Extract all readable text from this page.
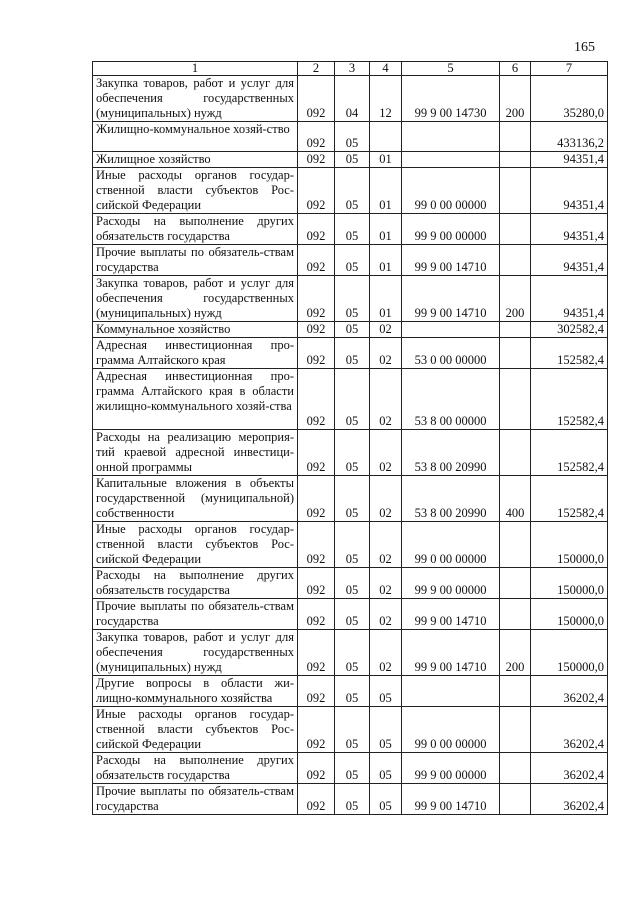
165
1	2	3	4	5	6	7
Закупка товаров, работ и услуг для обеспечения государственных (муниципальных) нужд	092	04	12	99 9 00 14730	200	35280,0
Жилищно-коммунальное хозяй-ство	092	05				433136,2
Жилищное хозяйство	092	05	01			94351,4
Иные расходы органов государ-ственной власти субъектов Рос-сийской Федерации	092	05	01	99 0 00 00000		94351,4
Расходы на выполнение других обязательств государства	092	05	01	99 9 00 00000		94351,4
Прочие выплаты по обязатель-ствам государства	092	05	01	99 9 00 14710		94351,4
Закупка товаров, работ и услуг для обеспечения государственных (муниципальных) нужд	092	05	01	99 9 00 14710	200	94351,4
Коммунальное хозяйство	092	05	02			302582,4
Адресная инвестиционная про-грамма Алтайского края	092	05	02	53 0 00 00000		152582,4
Адресная инвестиционная про-грамма Алтайского края в области жилищно-коммунального хозяй-ства	092	05	02	53 8 00 00000		152582,4
Расходы на реализацию мероприя-тий краевой адресной инвестици-онной программы	092	05	02	53 8 00 20990		152582,4
Капитальные вложения в объекты государственной (муниципальной) собственности	092	05	02	53 8 00 20990	400	152582,4
Иные расходы органов государ-ственной власти субъектов Рос-сийской Федерации	092	05	02	99 0 00 00000		150000,0
Расходы на выполнение других обязательств государства	092	05	02	99 9 00 00000		150000,0
Прочие выплаты по обязатель-ствам государства	092	05	02	99 9 00 14710		150000,0
Закупка товаров, работ и услуг для обеспечения государственных (муниципальных) нужд	092	05	02	99 9 00 14710	200	150000,0
Другие вопросы в области жи-лищно-коммунального хозяйства	092	05	05			36202,4
Иные расходы органов государ-ственной власти субъектов Рос-сийской Федерации	092	05	05	99 0 00 00000		36202,4
Расходы на выполнение других обязательств государства	092	05	05	99 9 00 00000		36202,4
Прочие выплаты по обязатель-ствам государства	092	05	05	99 9 00 14710		36202,4
